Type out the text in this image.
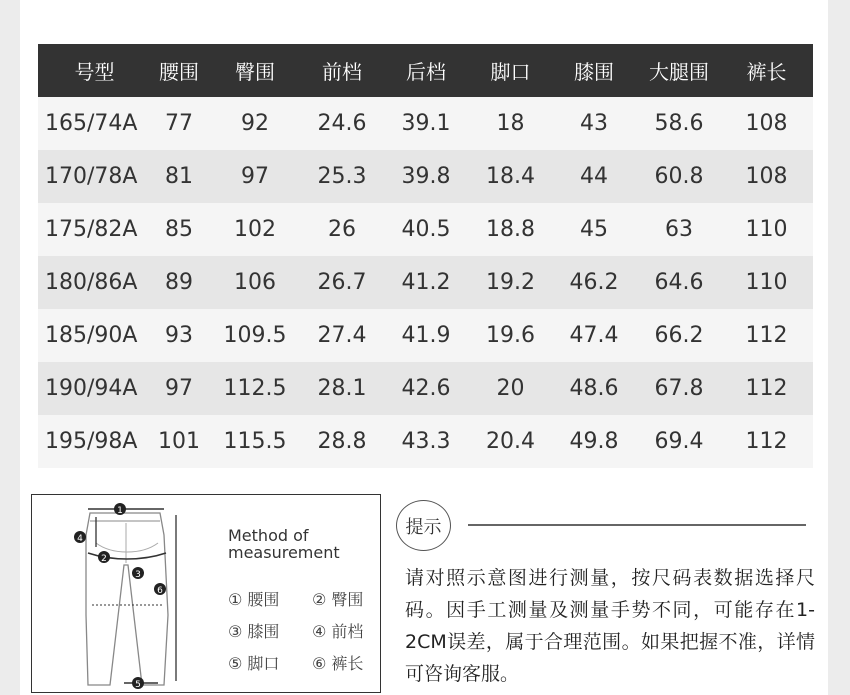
号型	腰围	臀围	前档	后档	脚口	膝围	大腿围	裤长
165/74A	77	92	24.6	39.1	18	43	58.6	108
170/78A	81	97	25.3	39.8	18.4	44	60.8	108
175/82A	85	102	26	40.5	18.8	45	63	110
180/86A	89	106	26.7	41.2	19.2	46.2	64.6	110
185/90A	93	109.5	27.4	41.9	19.6	47.4	66.2	112
190/94A	97	112.5	28.1	42.6	20	48.6	67.8	112
195/98A	101	115.5	28.8	43.3	20.4	49.8	69.4	112
1
2
3
4
5
6
Method of
measurement
① 腰围	② 臀围
③ 膝围	④ 前档
⑤ 脚口	⑥ 裤长
提示
请对照示意图进行测量，按尺码表数据选择尺码。因手工测量及测量手势不同，可能存在1-2CM误差，属于合理范围。如果把握不准，详情可咨询客服。
